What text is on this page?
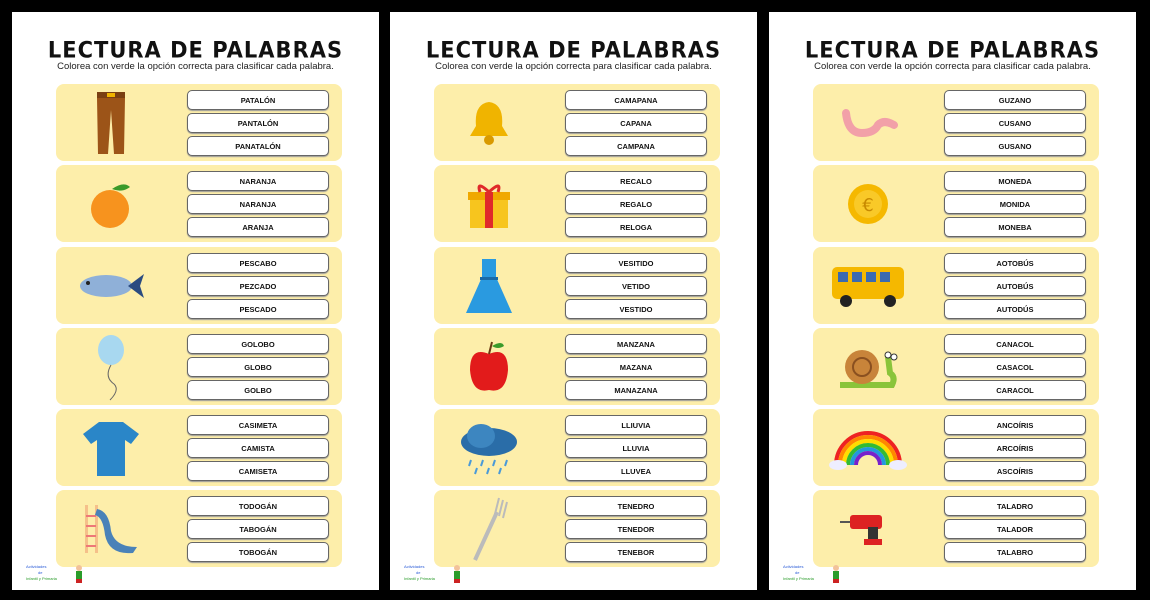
LECTURA DE PALABRAS
Colorea con verde la opción correcta para clasificar cada palabra.
PATALÓN
PANTALÓN
PANATALÓN
NARANJA
NARANJA
ARANJA
PESCABO
PEZCADO
PESCADO
GOLOBO
GLOBO
GOLBO
CASIMETA
CAMISTA
CAMISETA
TODOGÁN
TABOGÁN
TOBOGÁN
Actividades
de
Infantil y Primaria
LECTURA DE PALABRAS
Colorea con verde la opción correcta para clasificar cada palabra.
CAMAPANA
CAPANA
CAMPANA
RECALO
REGALO
RELOGA
VESITIDO
VETIDO
VESTIDO
MANZANA
MAZANA
MANAZANA
LLIUVIA
LLUVIA
LLUVEA
TENEDRO
TENEDOR
TENEBOR
Actividades
de
Infantil y Primaria
LECTURA DE PALABRAS
Colorea con verde la opción correcta para clasificar cada palabra.
GUZANO
CUSANO
GUSANO
€
MONEDA
MONIDA
MONEBA
AOTOBÚS
AUTOBÚS
AUTODÚS
CANACOL
CASACOL
CARACOL
ANCOÍRIS
ARCOÍRIS
ASCOÍRIS
TALADRO
TALADOR
TALABRO
Actividades
de
Infantil y Primaria
